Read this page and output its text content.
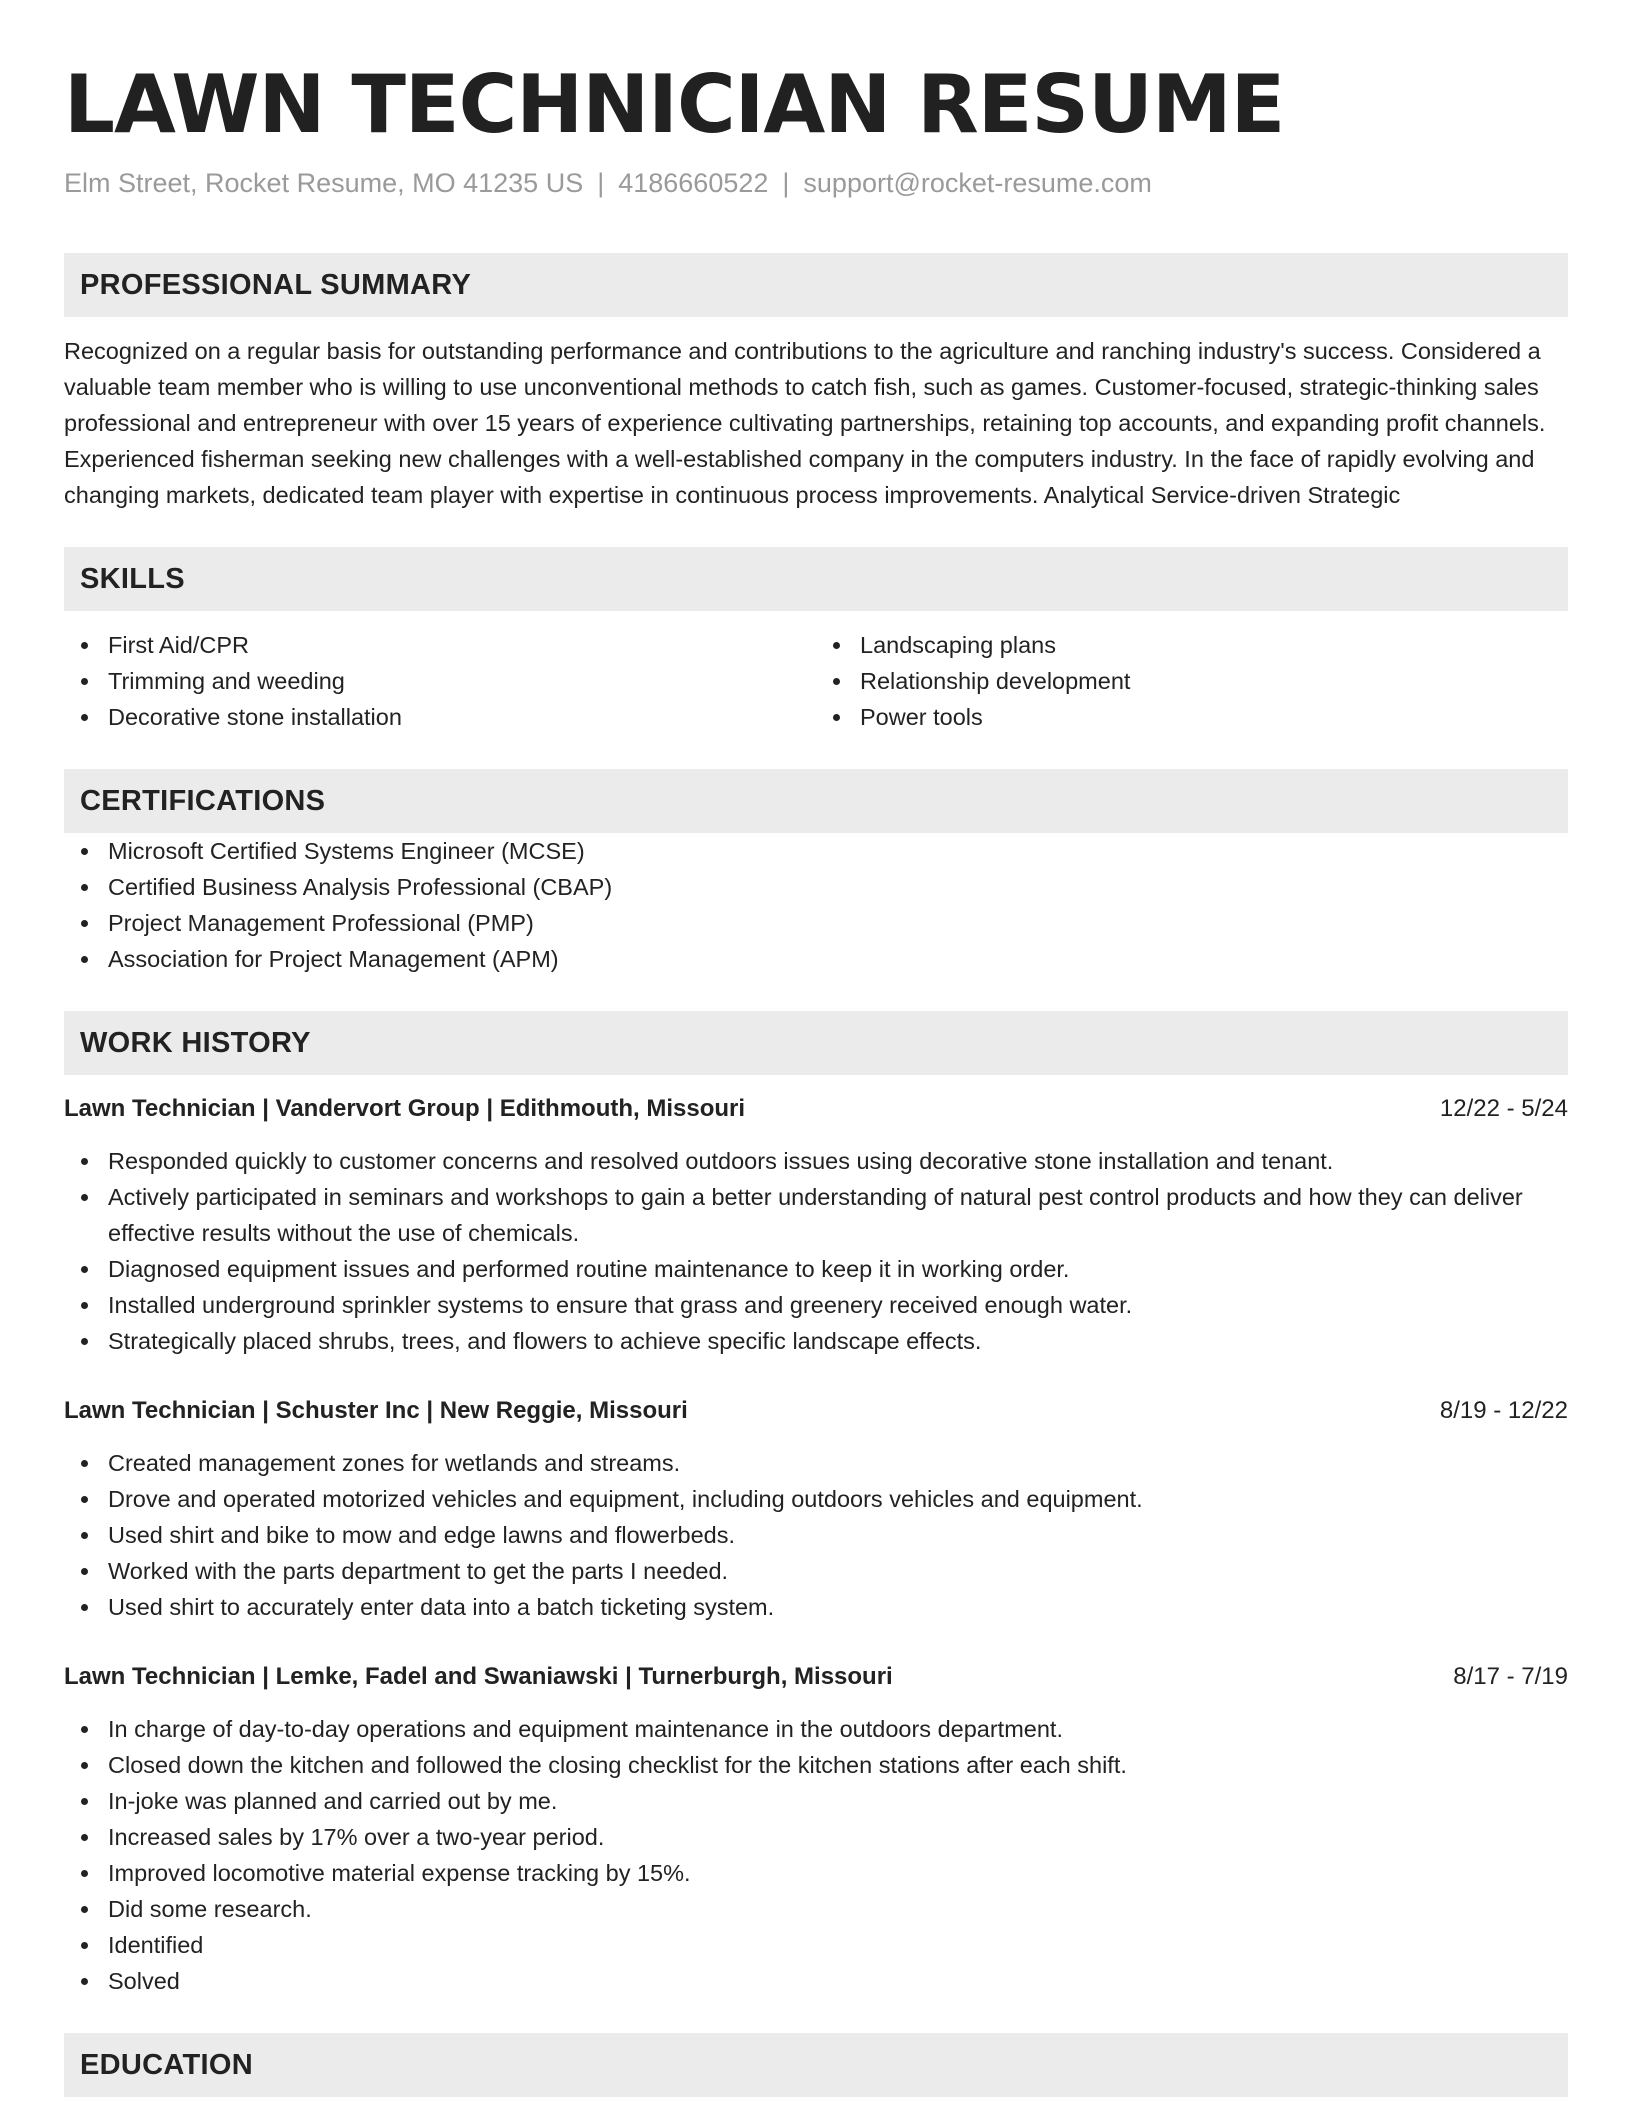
LAWN TECHNICIAN RESUME
Elm Street, Rocket Resume, MO 41235 US | 4186660522 | support@rocket-resume.com
PROFESSIONAL SUMMARY

Recognized on a regular basis for outstanding performance and contributions to the agriculture and ranching industry's success. Considered a valuable team member who is willing to use unconventional methods to catch fish, such as games. Customer-focused, strategic-thinking sales professional and entrepreneur with over 15 years of experience cultivating partnerships, retaining top accounts, and expanding profit channels. Experienced fisherman seeking new challenges with a well-established company in the computers industry. In the face of rapidly evolving and changing markets, dedicated team player with expertise in continuous process improvements. Analytical Service-driven Strategic

SKILLS
First Aid/CPR
Trimming and weeding
Decorative stone installation
Landscaping plans
Relationship development
Power tools
CERTIFICATIONS
Microsoft Certified Systems Engineer (MCSE)
Certified Business Analysis Professional (CBAP)
Project Management Professional (PMP)
Association for Project Management (APM)
WORK HISTORY
Lawn Technician | Vandervort Group | Edithmouth, Missouri	12/22 - 5/24
Responded quickly to customer concerns and resolved outdoors issues using decorative stone installation and tenant.
Actively participated in seminars and workshops to gain a better understanding of natural pest control products and how they can deliver effective results without the use of chemicals.
Diagnosed equipment issues and performed routine maintenance to keep it in working order.
Installed underground sprinkler systems to ensure that grass and greenery received enough water.
Strategically placed shrubs, trees, and flowers to achieve specific landscape effects.
Lawn Technician | Schuster Inc | New Reggie, Missouri	8/19 - 12/22
Created management zones for wetlands and streams.
Drove and operated motorized vehicles and equipment, including outdoors vehicles and equipment.
Used shirt and bike to mow and edge lawns and flowerbeds.
Worked with the parts department to get the parts I needed.
Used shirt to accurately enter data into a batch ticketing system.
Lawn Technician | Lemke, Fadel and Swaniawski | Turnerburgh, Missouri	8/17 - 7/19
In charge of day-to-day operations and equipment maintenance in the outdoors department.
Closed down the kitchen and followed the closing checklist for the kitchen stations after each shift.
In-joke was planned and carried out by me.
Increased sales by 17% over a two-year period.
Improved locomotive material expense tracking by 15%.
Did some research.
Identified
Solved
EDUCATION
